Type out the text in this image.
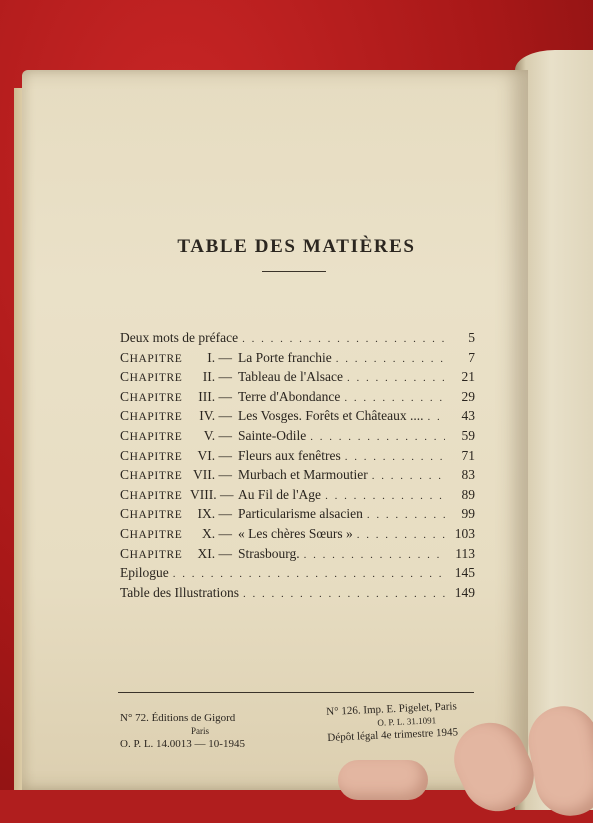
TABLE DES MATIÈRES
Deux mots de préface . . .	5
CHAPITRE	I. — La Porte franchie . . .	7
CHAPITRE	II. — Tableau de l'Alsace . . .	21
CHAPITRE	III. — Terre d'Abondance . . .	29
CHAPITRE	IV. — Les Vosges. Forêts et Châteaux .... . . .	43
CHAPITRE	V. — Sainte-Odile . . .	59
CHAPITRE	VI. — Fleurs aux fenêtres . . .	71
CHAPITRE VII. — Murbach et Marmoutier . . .	83
CHAPITRE VIII. — Au Fil de l'Age . . .	89
CHAPITRE	IX. — Particularisme alsacien . . .	99
CHAPITRE	X. — « Les chères Sœurs » . . .	103
CHAPITRE	XI. — Strasbourg. . . .	113
Epilogue . . .	145
Table des Illustrations . . .	149
N° 72. Éditions de Gigord
Paris
O. P. L. 14.0013 — 10-1945
N° 126. Imp. E. Pigelet, Paris
O. P. L. 31.1091
Dépôt légal 4e trimestre 1945
